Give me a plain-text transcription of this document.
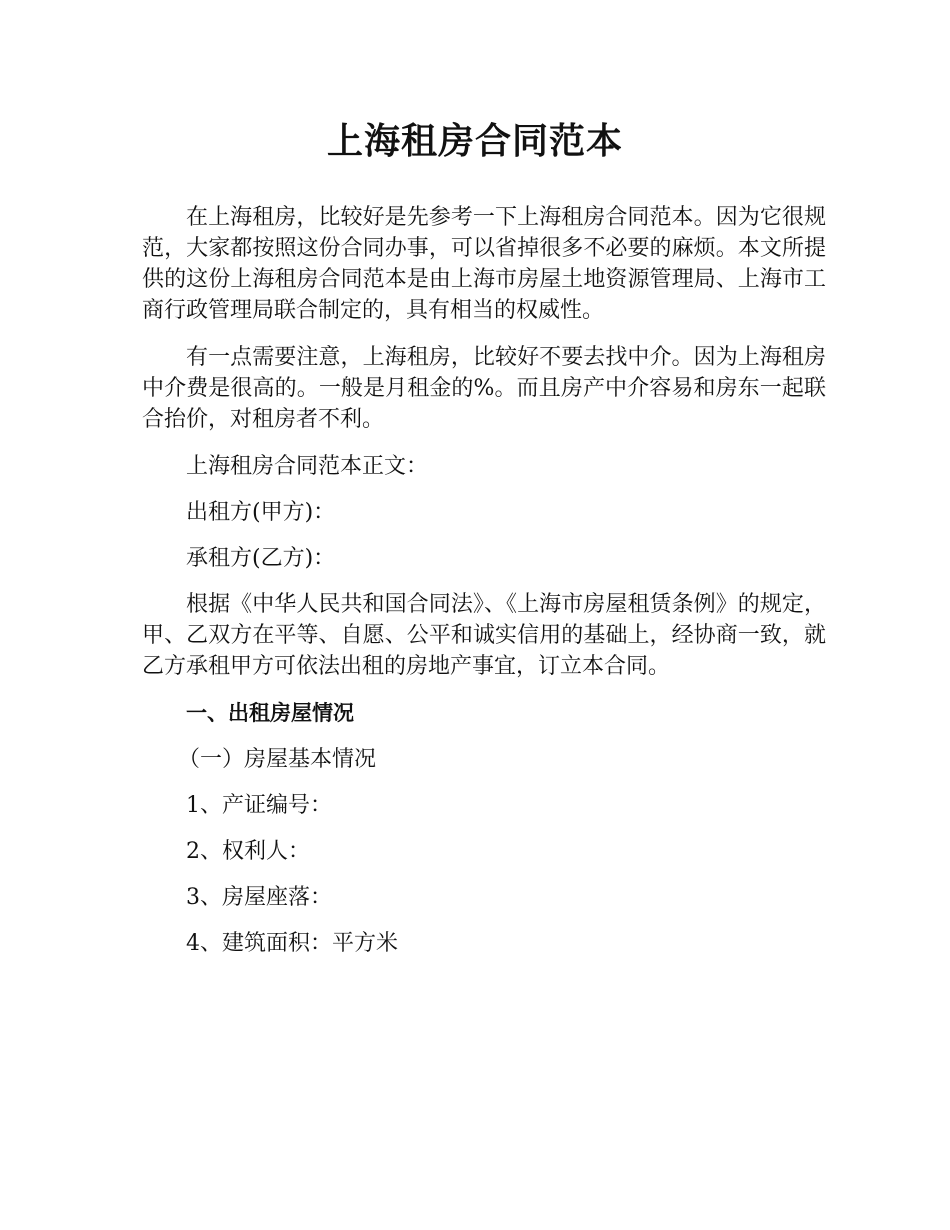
上海租房合同范本

在上海租房，比较好是先参考一下上海租房合同范本。因为它很规范，大家都按照这份合同办事，可以省掉很多不必要的麻烦。本文所提供的这份上海租房合同范本是由上海市房屋土地资源管理局、上海市工商行政管理局联合制定的，具有相当的权威性。

有一点需要注意，上海租房，比较好不要去找中介。因为上海租房中介费是很高的。一般是月租金的%。而且房产中介容易和房东一起联合抬价，对租房者不利。

上海租房合同范本正文：

出租方(甲方)：

承租方(乙方)：

根据《中华人民共和国合同法》、《上海市房屋租赁条例》的规定，甲、乙双方在平等、自愿、公平和诚实信用的基础上，经协商一致，就乙方承租甲方可依法出租的房地产事宜，订立本合同。

一、出租房屋情况

（一）房屋基本情况

1、产证编号：

2、权利人：

3、房屋座落：

4、建筑面积：平方米
